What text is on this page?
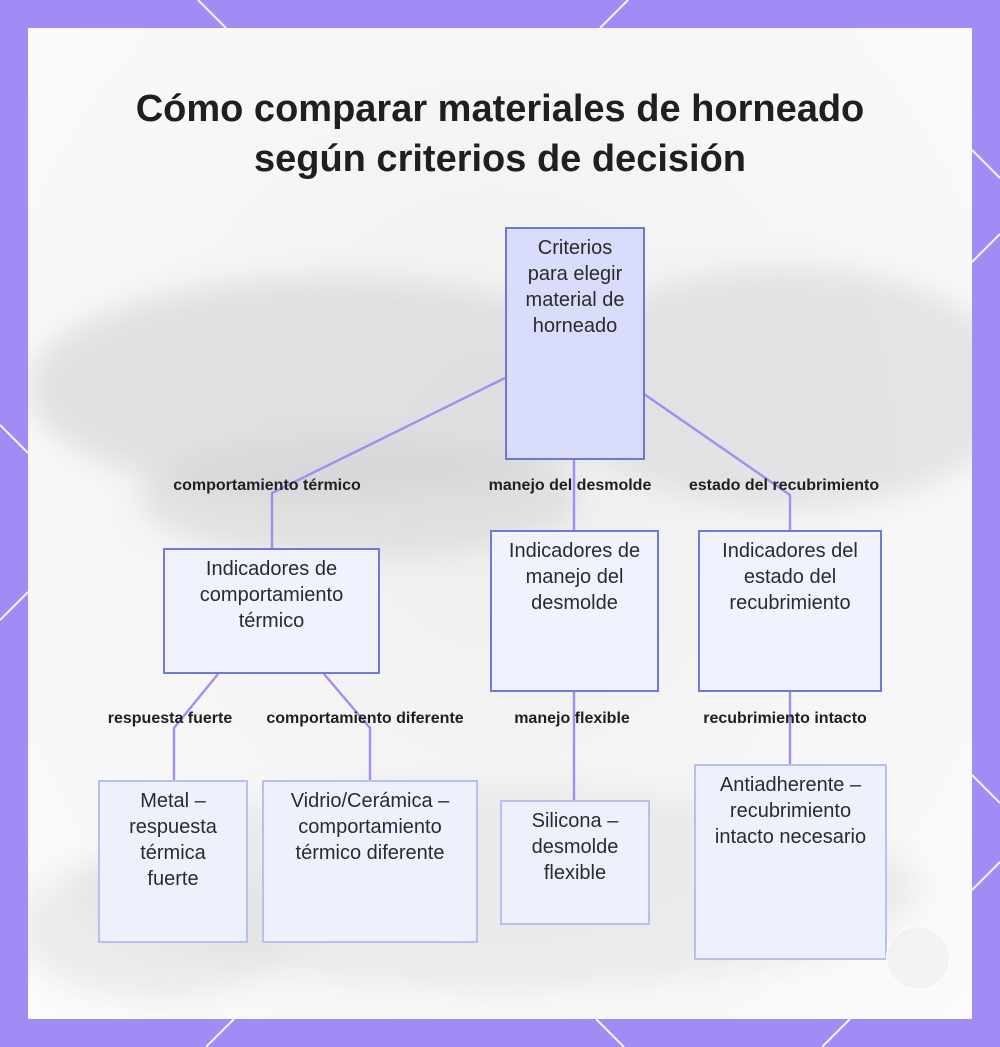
Cómo comparar materiales de horneado
según criterios de decisión
Criterios para elegir material de horneado
Indicadores de comportamiento térmico
Indicadores de manejo del desmolde
Indicadores del estado del recubrimiento
Metal – respuesta térmica fuerte
Vidrio/Cerámica – comportamiento térmico diferente
Silicona – desmolde flexible
Antiadherente – recubrimiento intacto necesario
comportamiento térmico	manejo del desmolde estado del recubrimiento
respuesta fuerte comportamiento diferente	manejo flexible	recubrimiento intacto
